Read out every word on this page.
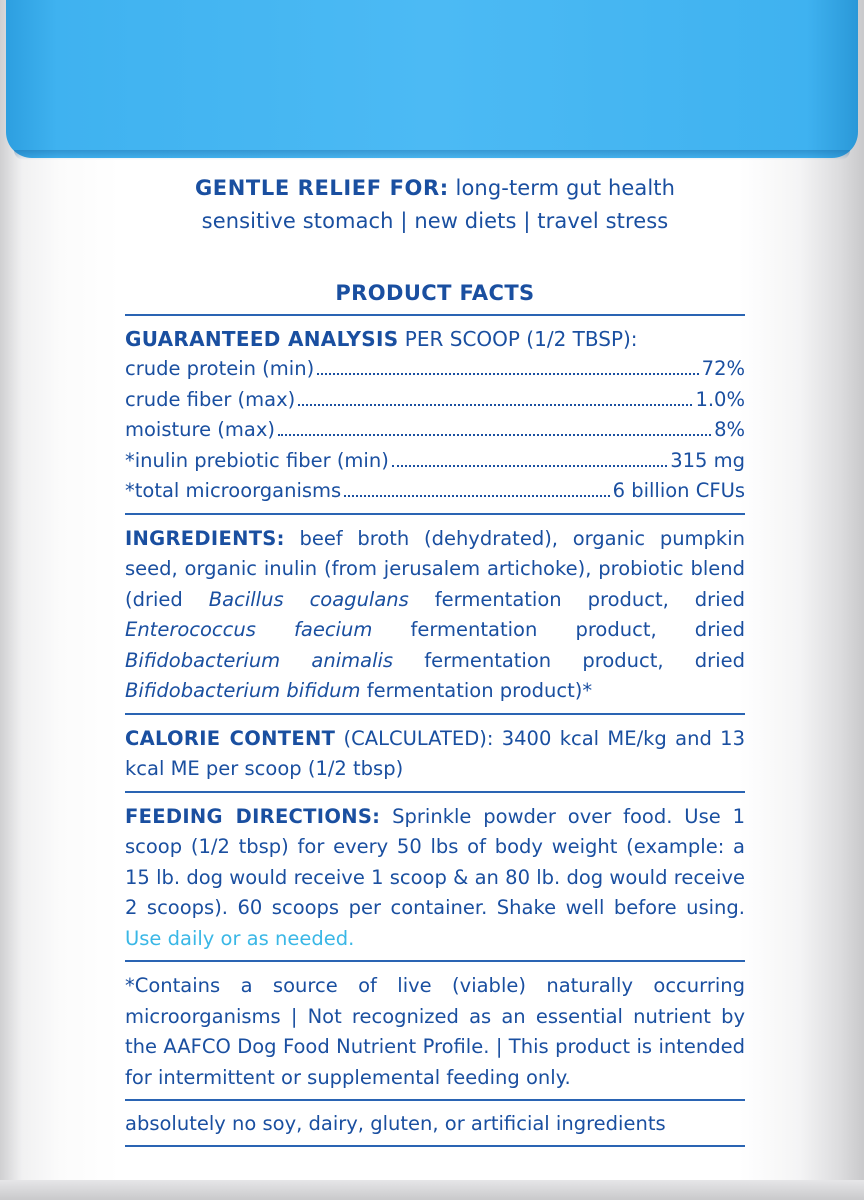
GENTLE RELIEF FOR: long-term gut health
sensitive stomach | new diets | travel stress
PRODUCT FACTS
GUARANTEED ANALYSIS PER SCOOP (1/2 TBSP):
crude protein (min)	72%
crude fiber (max)	1.0%
moisture (max)	8%
*inulin prebiotic fiber (min)	315 mg
*total microorganisms	6 billion CFUs

INGREDIENTS: beef broth (dehydrated), organic pumpkin seed, organic inulin (from jerusalem artichoke), probiotic blend (dried Bacillus coagulans fermentation product, dried Enterococcus faecium fermentation product, dried Bifidobacterium animalis fermentation product, dried Bifidobacterium bifidum fermentation product)*

CALORIE CONTENT (CALCULATED): 3400 kcal ME/kg and 13 kcal ME per scoop (1/2 tbsp)

FEEDING DIRECTIONS: Sprinkle powder over food. Use 1 scoop (1/2 tbsp) for every 50 lbs of body weight (example: a 15 lb. dog would receive 1 scoop & an 80 lb. dog would receive 2 scoops). 60 scoops per container. Shake well before using. Use daily or as needed.

*Contains a source of live (viable) naturally occurring microorganisms | Not recognized as an essential nutrient by the AAFCO Dog Food Nutrient Profile. | This product is intended for intermittent or supplemental feeding only.

absolutely no soy, dairy, gluten, or artificial ingredients
